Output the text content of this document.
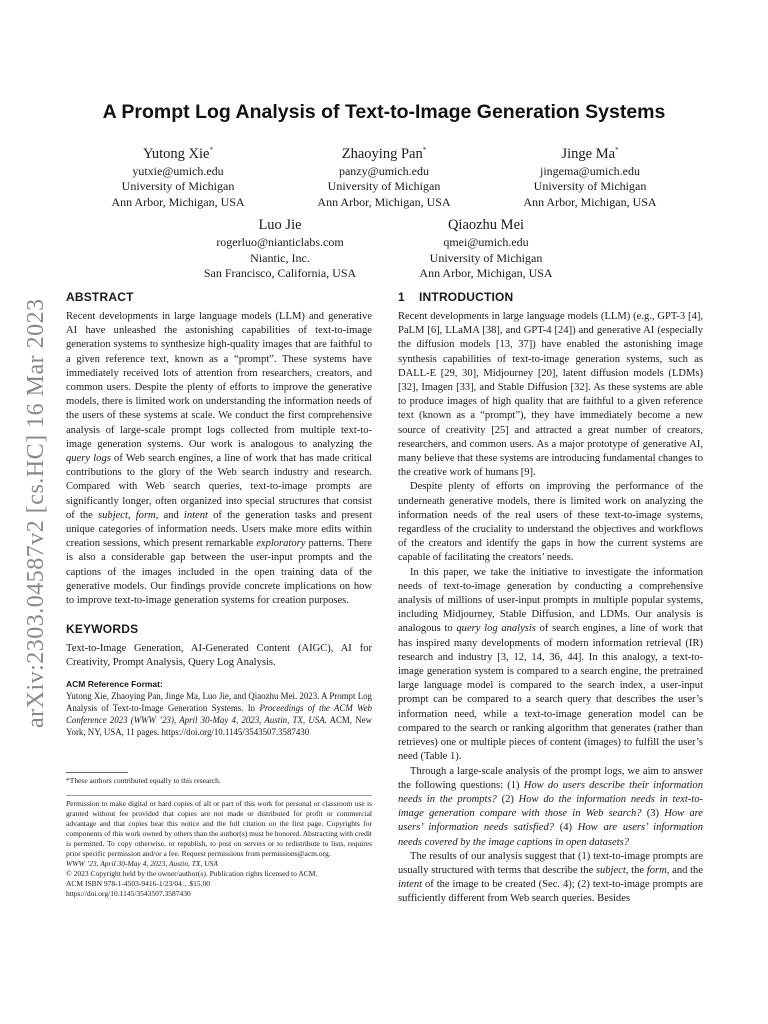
arXiv:2303.04587v2 [cs.HC] 16 Mar 2023
A Prompt Log Analysis of Text-to-Image Generation Systems
Yutong Xie*
yutxie@umich.edu
University of Michigan
Ann Arbor, Michigan, USA
Zhaoying Pan*
panzy@umich.edu
University of Michigan
Ann Arbor, Michigan, USA
Jinge Ma*
jingema@umich.edu
University of Michigan
Ann Arbor, Michigan, USA
Luo Jie
rogerluo@nianticlabs.com
Niantic, Inc.
San Francisco, California, USA
Qiaozhu Mei
qmei@umich.edu
University of Michigan
Ann Arbor, Michigan, USA
ABSTRACT

Recent developments in large language models (LLM) and generative AI have unleashed the astonishing capabilities of text-to-image generation systems to synthesize high-quality images that are faithful to a given reference text, known as a “prompt”. These systems have immediately received lots of attention from researchers, creators, and common users. Despite the plenty of efforts to improve the generative models, there is limited work on understanding the information needs of the users of these systems at scale. We conduct the first comprehensive analysis of large-scale prompt logs collected from multiple text-to-image generation systems. Our work is analogous to analyzing the query logs of Web search engines, a line of work that has made critical contributions to the glory of the Web search industry and research. Compared with Web search queries, text-to-image prompts are significantly longer, often organized into special structures that consist of the subject, form, and intent of the generation tasks and present unique categories of information needs. Users make more edits within creation sessions, which present remarkable exploratory patterns. There is also a considerable gap between the user-input prompts and the captions of the images included in the open training data of the generative models. Our findings provide concrete implications on how to improve text-to-image generation systems for creation purposes.

KEYWORDS

Text-to-Image Generation, AI-Generated Content (AIGC), AI for Creativity, Prompt Analysis, Query Log Analysis.

ACM Reference Format:

Yutong Xie, Zhaoying Pan, Jinge Ma, Luo Jie, and Qiaozhu Mei. 2023. A Prompt Log Analysis of Text-to-Image Generation Systems. In Proceedings of the ACM Web Conference 2023 (WWW ’23), April 30-May 4, 2023, Austin, TX, USA. ACM, New York, NY, USA, 11 pages. https://doi.org/10.1145/3543507.3587430

*These authors contributed equally to this research.

Permission to make digital or hard copies of all or part of this work for personal or classroom use is granted without fee provided that copies are not made or distributed for profit or commercial advantage and that copies bear this notice and the full citation on the first page. Copyrights for components of this work owned by others than the author(s) must be honored. Abstracting with credit is permitted. To copy otherwise, or republish, to post on servers or to redistribute to lists, requires prior specific permission and/or a fee. Request permissions from permissions@acm.org.

WWW ’23, April 30-May 4, 2023, Austin, TX, USA

© 2023 Copyright held by the owner/author(s). Publication rights licensed to ACM.

ACM ISBN 978-1-4503-9416-1/23/04…$15.00

https://doi.org/10.1145/3543507.3587430

1    INTRODUCTION

Recent developments in large language models (LLM) (e.g., GPT-3 [4], PaLM [6], LLaMA [38], and GPT-4 [24]) and generative AI (especially the diffusion models [13, 37]) have enabled the astonishing image synthesis capabilities of text-to-image generation systems, such as DALL-E [29, 30], Midjourney [20], latent diffusion models (LDMs) [32], Imagen [33], and Stable Diffusion [32]. As these systems are able to produce images of high quality that are faithful to a given reference text (known as a “prompt”), they have immediately become a new source of creativity [25] and attracted a great number of creators, researchers, and common users. As a major prototype of generative AI, many believe that these systems are introducing fundamental changes to the creative work of humans [9].

Despite plenty of efforts on improving the performance of the underneath generative models, there is limited work on analyzing the information needs of the real users of these text-to-image systems, regardless of the cruciality to understand the objectives and workflows of the creators and identify the gaps in how the current systems are capable of facilitating the creators’ needs.

In this paper, we take the initiative to investigate the information needs of text-to-image generation by conducting a comprehensive analysis of millions of user-input prompts in multiple popular systems, including Midjourney, Stable Diffusion, and LDMs. Our analysis is analogous to query log analysis of search engines, a line of work that has inspired many developments of modern information retrieval (IR) research and industry [3, 12, 14, 36, 44]. In this analogy, a text-to-image generation system is compared to a search engine, the pretrained large language model is compared to the search index, a user-input prompt can be compared to a search query that describes the user’s information need, while a text-to-image generation model can be compared to the search or ranking algorithm that generates (rather than retrieves) one or multiple pieces of content (images) to fulfill the user’s need (Table 1).

Through a large-scale analysis of the prompt logs, we aim to answer the following questions: (1) How do users describe their information needs in the prompts? (2) How do the information needs in text-to-image generation compare with those in Web search? (3) How are users’ information needs satisfied? (4) How are users’ information needs covered by the image captions in open datasets?

The results of our analysis suggest that (1) text-to-image prompts are usually structured with terms that describe the subject, the form, and the intent of the image to be created (Sec. 4); (2) text-to-image prompts are sufficiently different from Web search queries. Besides
